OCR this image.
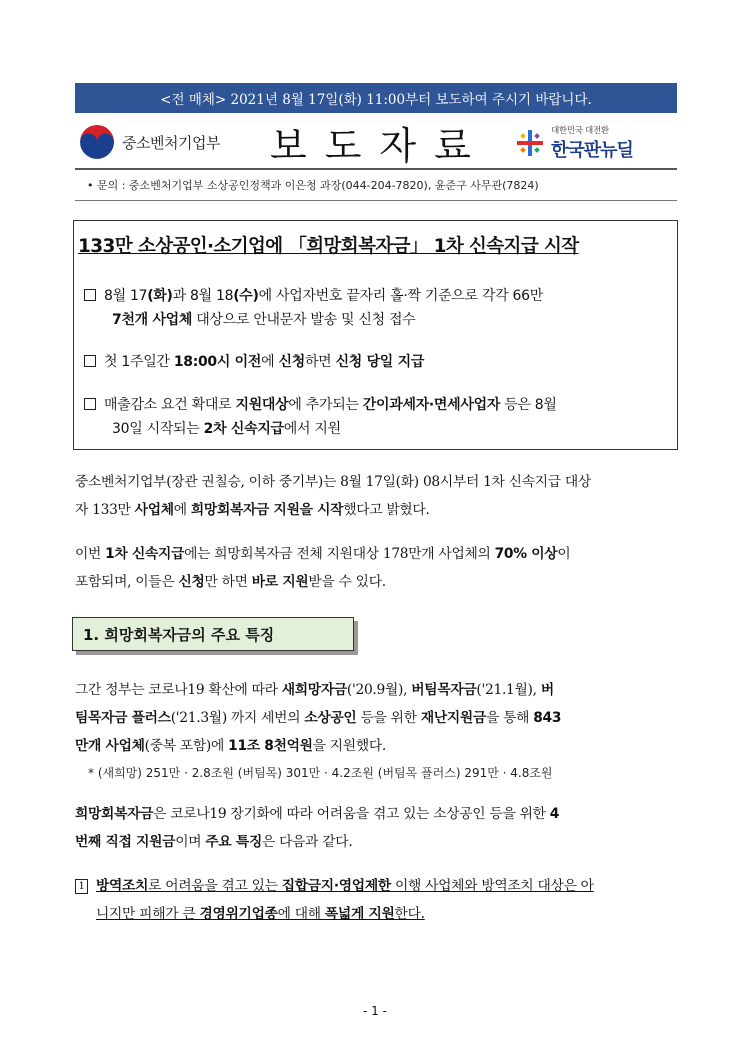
<전 매체> 2021년 8월 17일(화) 11:00부터 보도하여 주시기 바랍니다.
중소벤처기업부 보도자료	대한민국 대전환
한국판뉴딜
• 문의 : 중소벤처기업부 소상공인정책과 이은청 과장(044-204-7820), 윤준구 사무관(7824)
133만 소상공인·소기업에 「희망회복자금」 1차 신속지급 시작
8월 17(화)과 8월 18(수)에 사업자번호 끝자리 홀·짝 기준으로 각각 66만
7천개 사업체 대상으로 안내문자 발송 및 신청 접수
첫 1주일간 18:00시 이전에 신청하면 신청 당일 지급
매출감소 요건 확대로 지원대상에 추가되는 간이과세자·면세사업자 등은 8월
30일 시작되는 2차 신속지급에서 지원
중소벤처기업부(장관 권칠승, 이하 중기부)는 8월 17일(화) 08시부터 1차 신속지급 대상
자 133만 사업체에 희망회복자금 지원을 시작했다고 밝혔다.
이번 1차 신속지급에는 희망회복자금 전체 지원대상 178만개 사업체의 70% 이상이
포함되며, 이들은 신청만 하면 바로 지원받을 수 있다.
1. 희망회복자금의 주요 특징
그간 정부는 코로나19 확산에 따라 새희망자금('20.9월), 버팀목자금('21.1월), 버
팀목자금 플러스('21.3월) 까지 세번의 소상공인 등을 위한 재난지원금을 통해 843
만개 사업체(중복 포함)에 11조 8천억원을 지원했다.
* (새희망) 251만 · 2.8조원 (버팀목) 301만 · 4.2조원 (버팀목 플러스) 291만 · 4.8조원
희망회복자금은 코로나19 장기화에 따라 어려움을 겪고 있는 소상공인 등을 위한 4
번째 직접 지원금이며 주요 특징은 다음과 같다.
1 방역조치로 어려움을 겪고 있는 집합금지·영업제한 이행 사업체와 방역조치 대상은 아
니지만 피해가 큰 경영위기업종에 대해 폭넓게 지원한다.
- 1 -
